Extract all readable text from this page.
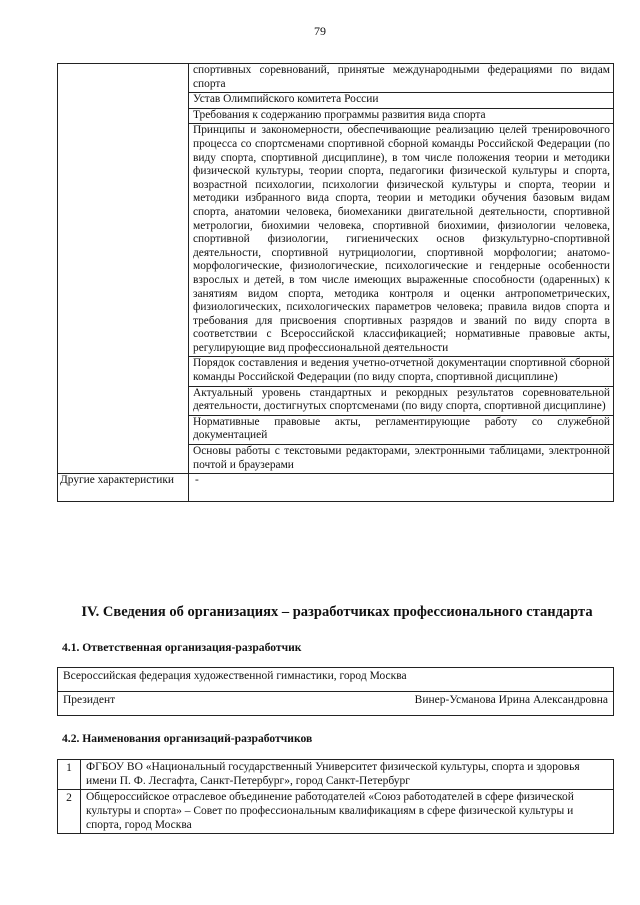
79
	спортивных соревнований, принятые международными федерациями по видам спорта
	Устав Олимпийского комитета России
	Требования к содержанию программы развития вида спорта
	Принципы и закономерности, обеспечивающие реализацию целей тренировочного процесса со спортсменами спортивной сборной команды Российской Федерации (по виду спорта, спортивной дисциплине), в том числе положения теории и методики физической культуры, теории спорта, педагогики физической культуры и спорта, возрастной психологии, психологии физической культуры и спорта, теории и методики избранного вида спорта, теории и методики обучения базовым видам спорта, анатомии человека, биомеханики двигательной деятельности, спортивной метрологии, биохимии человека, спортивной биохимии, физиологии человека, спортивной физиологии, гигиенических основ физкультурно-спортивной деятельности, спортивной нутрициологии, спортивной морфологии; анатомо-морфологические, физиологические, психологические и гендерные особенности взрослых и детей, в том числе имеющих выраженные способности (одаренных) к занятиям видом спорта, методика контроля и оценки антропометрических, физиологических, психологических параметров человека; правила видов спорта и требования для присвоения спортивных разрядов и званий по виду спорта в соответствии с Всероссийской классификацией; нормативные правовые акты, регулирующие вид профессиональной деятельности
	Порядок составления и ведения учетно-отчетной документации спортивной сборной команды Российской Федерации (по виду спорта, спортивной дисциплине)
	Актуальный уровень стандартных и рекордных результатов соревновательной деятельности, достигнутых спортсменами (по виду спорта, спортивной дисциплине)
	Нормативные правовые акты, регламентирующие работу со служебной документацией
	Основы работы с текстовыми редакторами, электронными таблицами, электронной почтой и браузерами
Другие характеристики	-
IV. Сведения об организациях – разработчиках профессионального стандарта
4.1. Ответственная организация-разработчик
Всероссийская федерация художественной гимнастики, город Москва

Президент	Винер-Усманова Ирина Александровна
4.2. Наименования организаций-разработчиков
1	ФГБОУ ВО «Национальный государственный Университет физической культуры, спорта и здоровья имени П. Ф. Лесгафта, Санкт-Петербург», город Санкт-Петербург
2	Общероссийское отраслевое объединение работодателей «Союз работодателей в сфере физической культуры и спорта» – Совет по профессиональным квалификациям в сфере физической культуры и спорта, город Москва
